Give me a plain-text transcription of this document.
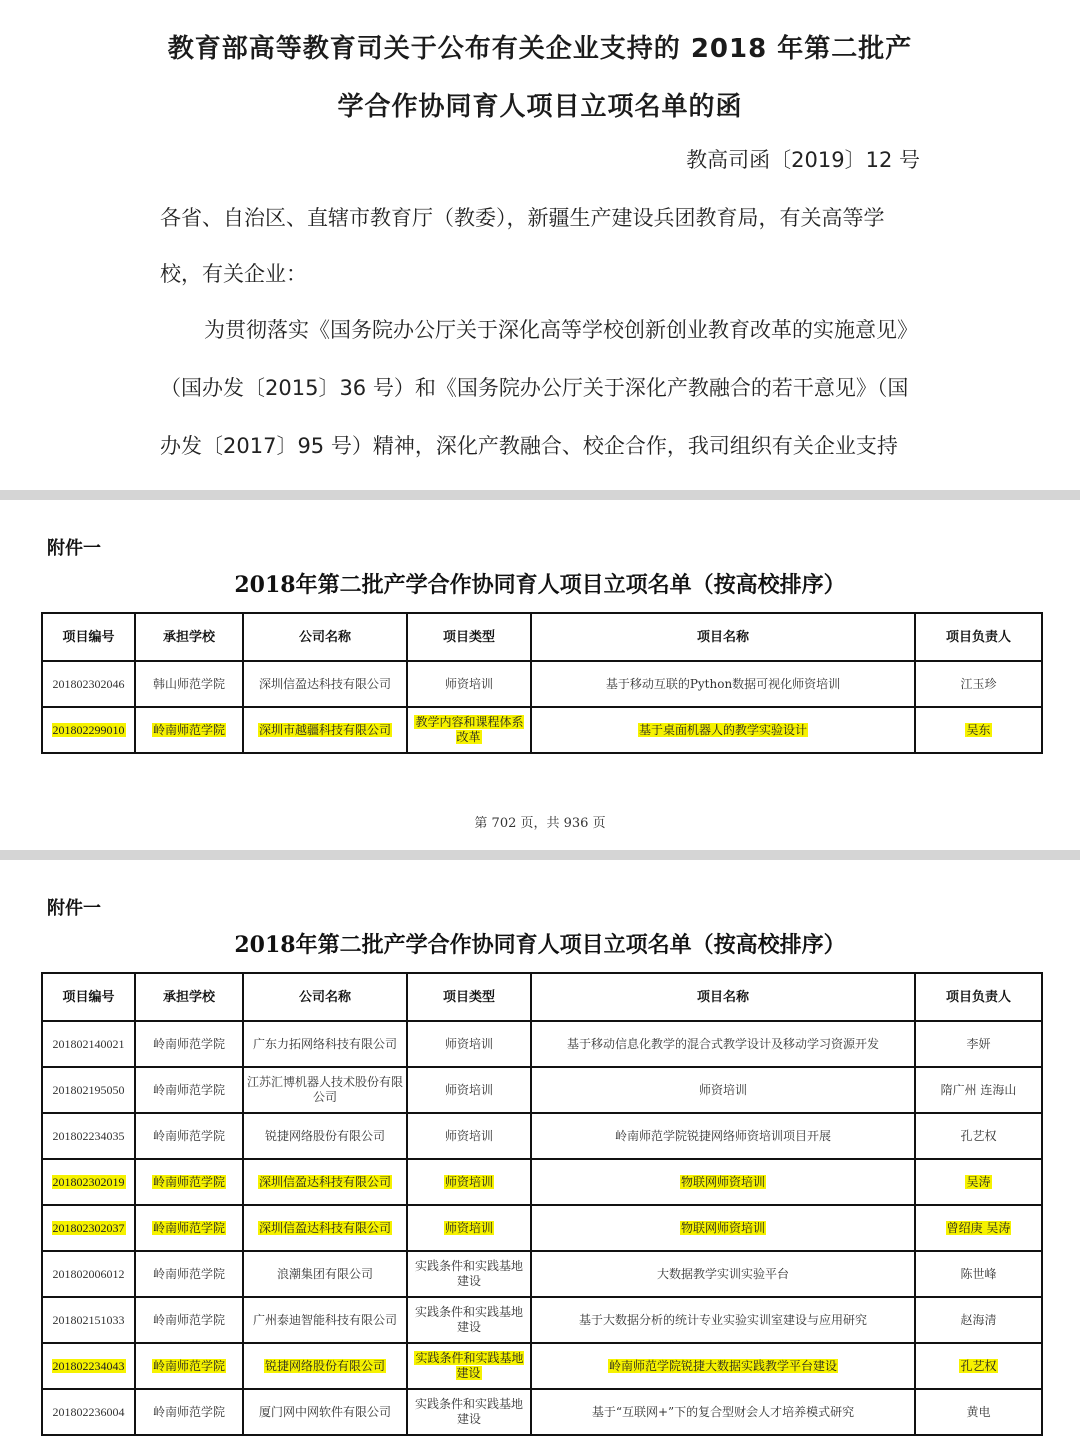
教育部高等教育司关于公布有关企业支持的 2018 年第二批产
学合作协同育人项目立项名单的函
教高司函〔2019〕12 号
各省、自治区、直辖市教育厅（教委），新疆生产建设兵团教育局，有关高等学
校，有关企业：
为贯彻落实《国务院办公厅关于深化高等学校创新创业教育改革的实施意见》
（国办发〔2015〕36 号）和《国务院办公厅关于深化产教融合的若干意见》（国
办发〔2017〕95 号）精神，深化产教融合、校企合作，我司组织有关企业支持
附件一
2018年第二批产学合作协同育人项目立项名单（按高校排序）
项目编号	承担学校	公司名称	项目类型	项目名称	项目负责人
201802302046	韩山师范学院	深圳信盈达科技有限公司	师资培训	基于移动互联的Python数据可视化师资培训	江玉珍
201802299010	岭南师范学院	深圳市越疆科技有限公司	教学内容和课程体系改革	基于桌面机器人的教学实验设计	吴东
第 702 页，共 936 页
附件一
2018年第二批产学合作协同育人项目立项名单（按高校排序）
项目编号	承担学校	公司名称	项目类型	项目名称	项目负责人
201802140021	岭南师范学院	广东力拓网络科技有限公司	师资培训	基于移动信息化教学的混合式教学设计及移动学习资源开发	李妍
201802195050	岭南师范学院	江苏汇博机器人技术股份有限公司	师资培训	师资培训	隋广州 连海山
201802234035	岭南师范学院	锐捷网络股份有限公司	师资培训	岭南师范学院锐捷网络师资培训项目开展	孔艺权
201802302019	岭南师范学院	深圳信盈达科技有限公司	师资培训	物联网师资培训	吴涛
201802302037	岭南师范学院	深圳信盈达科技有限公司	师资培训	物联网师资培训	曾绍庚 吴涛
201802006012	岭南师范学院	浪潮集团有限公司	实践条件和实践基地建设	大数据教学实训实验平台	陈世峰
201802151033	岭南师范学院	广州泰迪智能科技有限公司	实践条件和实践基地建设	基于大数据分析的统计专业实验实训室建设与应用研究	赵海清
201802234043	岭南师范学院	锐捷网络股份有限公司	实践条件和实践基地建设	岭南师范学院锐捷大数据实践教学平台建设	孔艺权
201802236004	岭南师范学院	厦门网中网软件有限公司	实践条件和实践基地建设	基于“互联网+”下的复合型财会人才培养模式研究	黄电
